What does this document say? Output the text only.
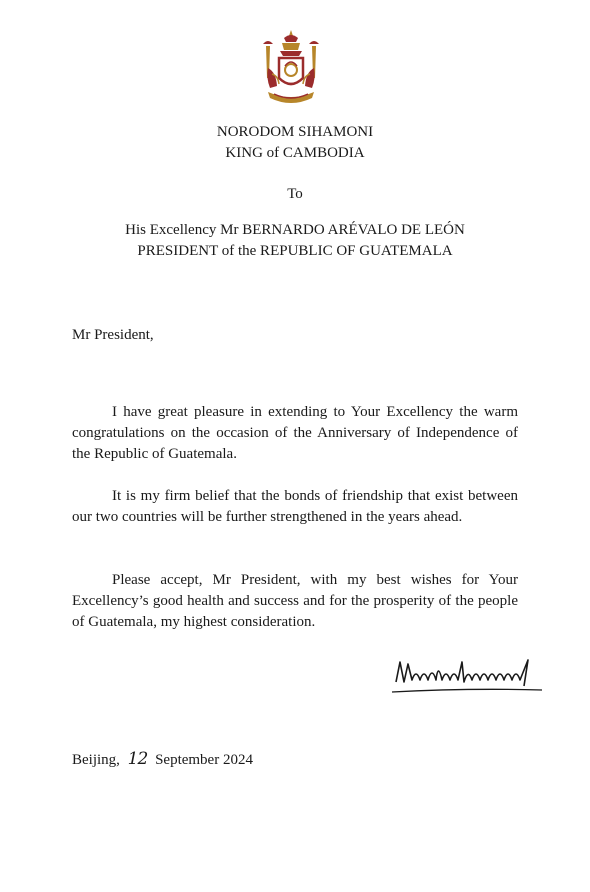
NORODOM SIHAMONI
KING of CAMBODIA
To
His Excellency Mr BERNARDO ARÉVALO DE LEÓN
PRESIDENT of the REPUBLIC OF GUATEMALA
Mr President,

I have great pleasure in extending to Your Excellency the warm congratulations on the occasion of the Anniversary of Independence of the Republic of Guatemala.

It is my firm belief that the bonds of friendship that exist between our two countries will be further strengthened in the years ahead.

Please accept, Mr President, with my best wishes for Your Excellency’s good health and success and for the prosperity of the people of Guatemala, my highest consideration.

Beijing, 12 September 2024
